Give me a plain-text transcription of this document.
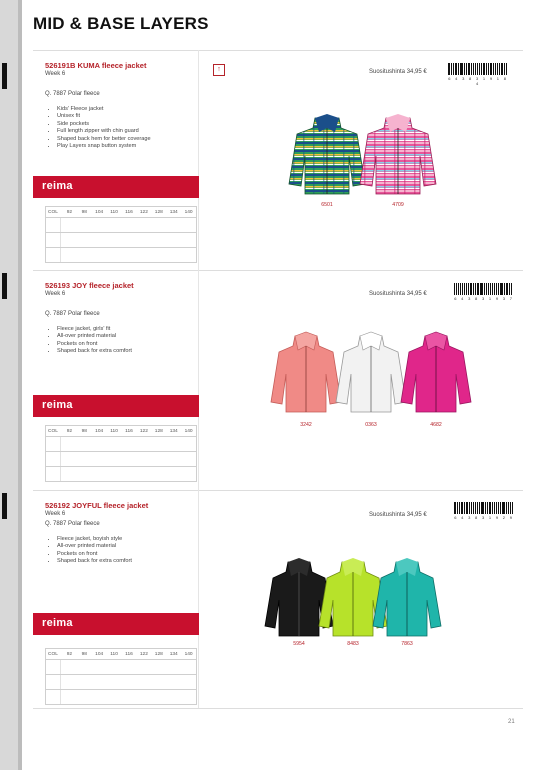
MID & BASE LAYERS

526191B KUMA fleece jacket

Week 6
Q. 7887 Polar fleece
• Kids' Fleece jacket
• Unisex fit
• Side pockets
• Full length zipper with chin guard
• Shaped back hem for better coverage
• Play Layers snap button system
reima
COL	92	98	104	110	116	122	128	134	140
↑	Suositushinta 34,95 €
6 4 3 8 3 1 9 1 8 4
6501	4709

526193 JOY fleece jacket

Week 6
Q. 7887 Polar fleece
• Fleece jacket, girls' fit
• All-over printed material
• Pockets on front
• Shaped back for extra comfort
reima
COL	92	98	104	110	116	122	128	134	140
Suositushinta 34,95 €
6 4 3 8 3 1 9 3 7
3242	0363	4682

526192 JOYFUL fleece jacket

Week 6
Q. 7887 Polar fleece
• Fleece jacket, boyish style
• All-over printed material
• Pockets on front
• Shaped back for extra comfort
reima
COL	92	98	104	110	116	122	128	134	140
Suositushinta 34,95 €	6 4 3 8 3 1 9 2 9
5954	8483	7863
21
